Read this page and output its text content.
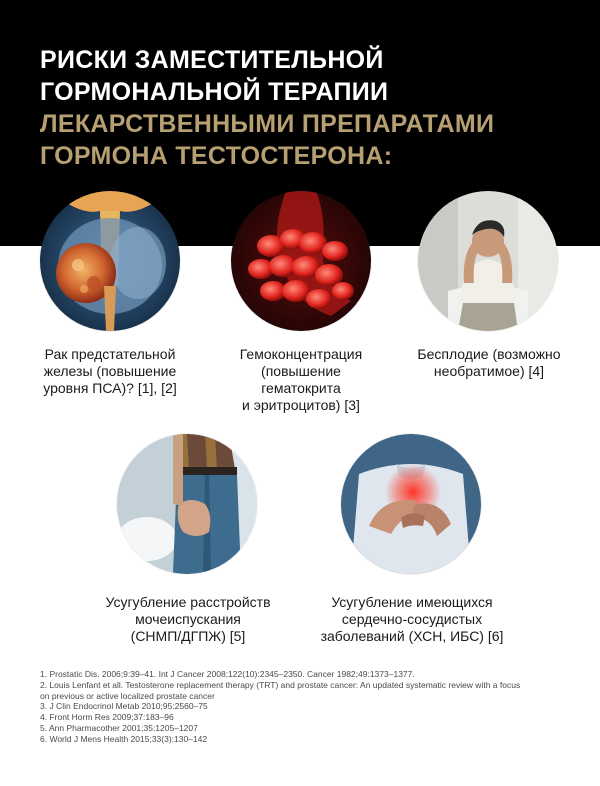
РИСКИ ЗАМЕСТИТЕЛЬНОЙ
ГОРМОНАЛЬНОЙ ТЕРАПИИ
ЛЕКАРСТВЕННЫМИ ПРЕПАРАТАМИ
ГОРМОНА ТЕСТОСТЕРОНА:
Рак предстательной
железы (повышение
уровня ПСА)? [1], [2]
Гемоконцентрация
(повышение
гематокрита
и эритроцитов) [3]
Бесплодие (возможно
необратимое) [4]
Усугубление расстройств
мочеиспускания
(СНМП/ДГПЖ) [5]
Усугубление имеющихся
сердечно-сосудистых
заболеваний (ХСН, ИБС) [6]
1. Prostatic Dis. 2006;9:39–41. Int J Cancer 2008;122(10):2345–2350. Cancer 1982;49:1373–1377.
2. Louis Lenfant et all. Testosterone replacement therapy (TRT) and prostate cancer: An updated systematic review with a focus
on previous or active localized prostate cancer
3. J Clin Endocrinol Metab 2010;95:2560–75
4. Front Horm Res 2009;37:183–96
5. Ann Pharmacother 2001;35:1205–1207
6. World J Mens Health 2015;33(3):130–142
